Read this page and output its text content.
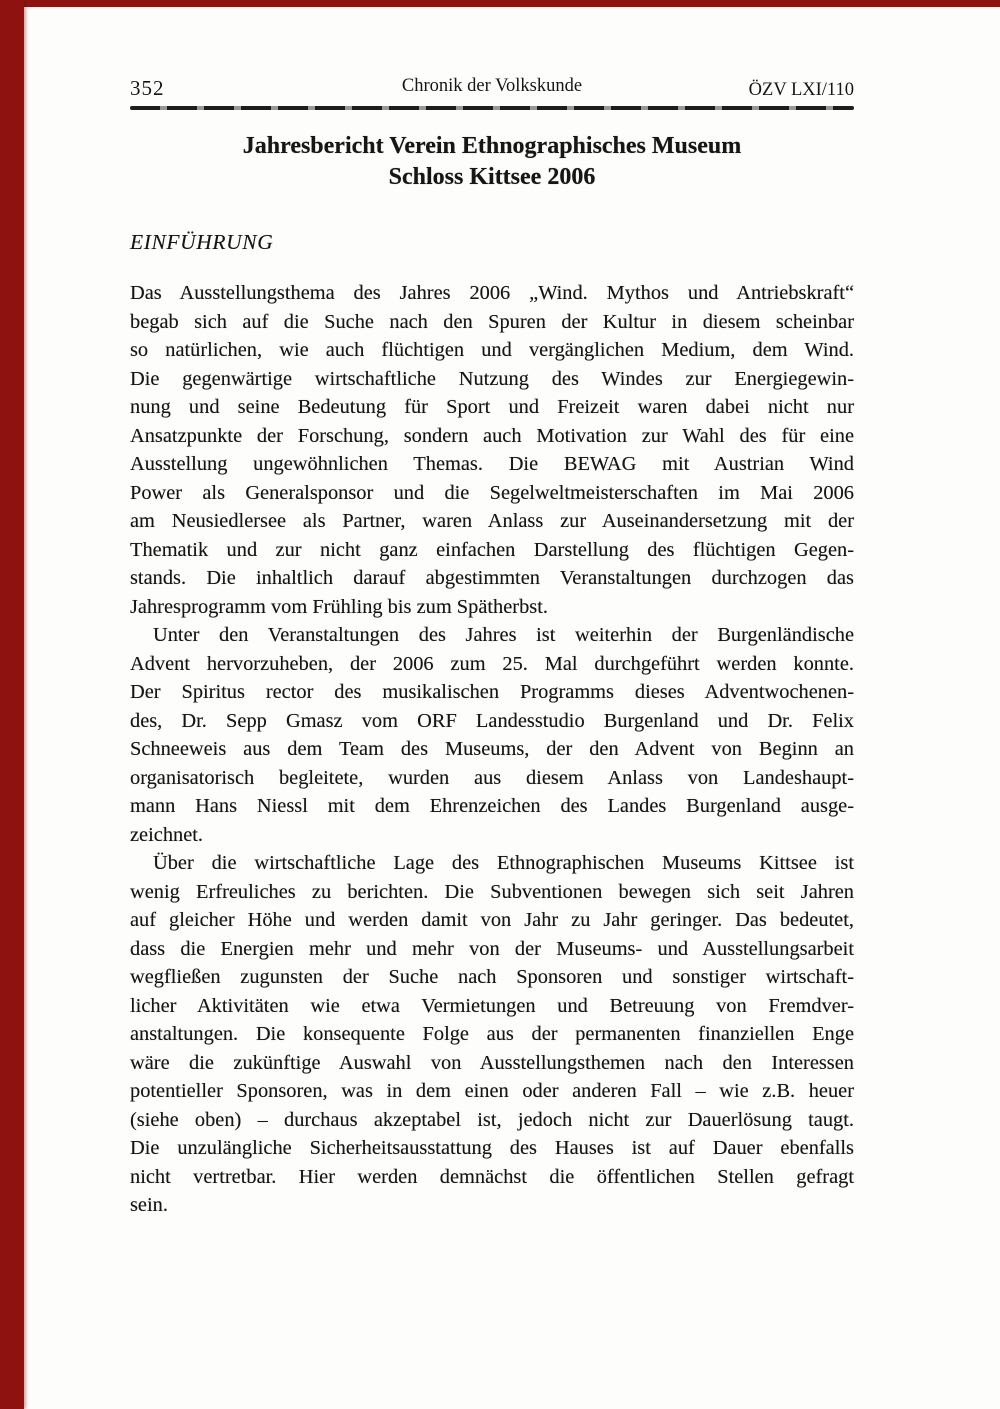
352	Chronik der Volkskunde	ÖZV LXI/110
Jahresbericht Verein Ethnographisches Museum
Schloss Kittsee 2006
EINFÜHRUNG
Das Ausstellungsthema des Jahres 2006 „Wind. Mythos und Antriebskraft“
begab sich auf die Suche nach den Spuren der Kultur in diesem scheinbar
so natürlichen, wie auch flüchtigen und vergänglichen Medium, dem Wind.
Die gegenwärtige wirtschaftliche Nutzung des Windes zur Energiegewin-
nung und seine Bedeutung für Sport und Freizeit waren dabei nicht nur
Ansatzpunkte der Forschung, sondern auch Motivation zur Wahl des für eine
Ausstellung ungewöhnlichen Themas. Die BEWAG mit Austrian Wind
Power als Generalsponsor und die Segelweltmeisterschaften im Mai 2006
am Neusiedlersee als Partner, waren Anlass zur Auseinandersetzung mit der
Thematik und zur nicht ganz einfachen Darstellung des flüchtigen Gegen-
stands. Die inhaltlich darauf abgestimmten Veranstaltungen durchzogen das
Jahresprogramm vom Frühling bis zum Spätherbst.
Unter den Veranstaltungen des Jahres ist weiterhin der Burgenländische
Advent hervorzuheben, der 2006 zum 25. Mal durchgeführt werden konnte.
Der Spiritus rector des musikalischen Programms dieses Adventwochenen-
des, Dr. Sepp Gmasz vom ORF Landesstudio Burgenland und Dr. Felix
Schneeweis aus dem Team des Museums, der den Advent von Beginn an
organisatorisch begleitete, wurden aus diesem Anlass von Landeshaupt-
mann Hans Niessl mit dem Ehrenzeichen des Landes Burgenland ausge-
zeichnet.
Über die wirtschaftliche Lage des Ethnographischen Museums Kittsee ist
wenig Erfreuliches zu berichten. Die Subventionen bewegen sich seit Jahren
auf gleicher Höhe und werden damit von Jahr zu Jahr geringer. Das bedeutet,
dass die Energien mehr und mehr von der Museums- und Ausstellungsarbeit
wegfließen zugunsten der Suche nach Sponsoren und sonstiger wirtschaft-
licher Aktivitäten wie etwa Vermietungen und Betreuung von Fremdver-
anstaltungen. Die konsequente Folge aus der permanenten finanziellen Enge
wäre die zukünftige Auswahl von Ausstellungsthemen nach den Interessen
potentieller Sponsoren, was in dem einen oder anderen Fall – wie z.B. heuer
(siehe oben) – durchaus akzeptabel ist, jedoch nicht zur Dauerlösung taugt.
Die unzulängliche Sicherheitsausstattung des Hauses ist auf Dauer ebenfalls
nicht vertretbar. Hier werden demnächst die öffentlichen Stellen gefragt
sein.
